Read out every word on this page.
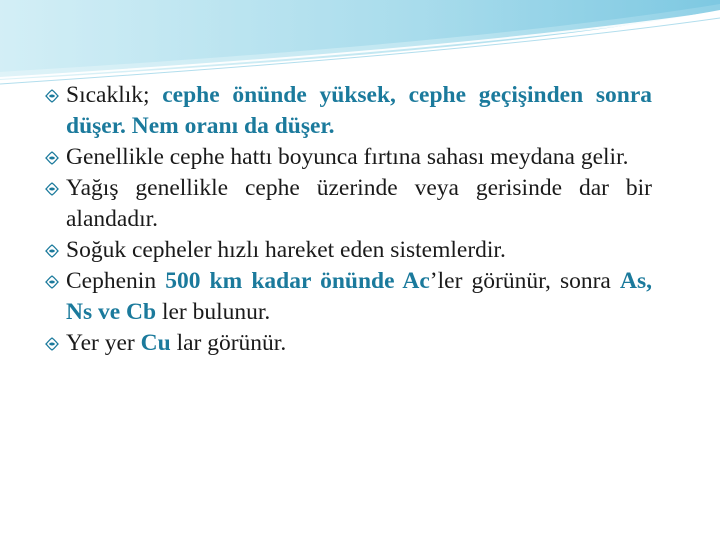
Sıcaklık; cephe önünde yüksek, cephe geçişinden sonra düşer. Nem oranı da düşer.
Genellikle cephe hattı boyunca fırtına sahası meydana gelir.
Yağış genellikle cephe üzerinde veya gerisinde dar bir alandadır.
Soğuk cepheler hızlı hareket eden sistemlerdir.
Cephenin 500 km kadar önünde Ac’ler görünür, sonra As, Ns ve Cb ler bulunur.
Yer yer Cu lar görünür.
